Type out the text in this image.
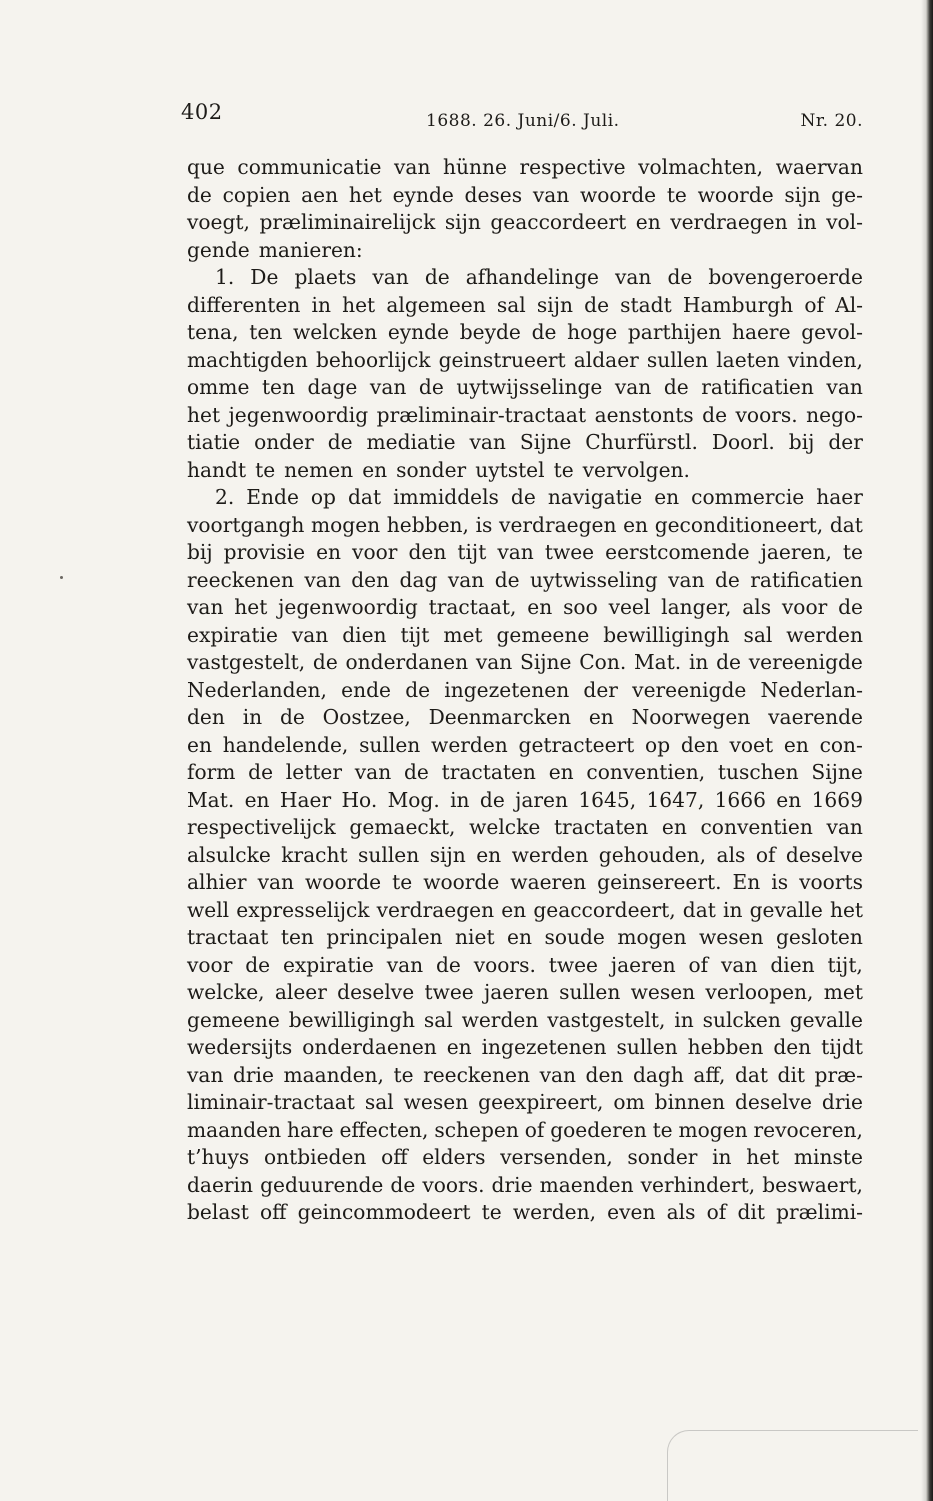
402	1688. 26. Juni/6. Juli.	Nr. 20.
que communicatie van hünne respective volmachten, waervan
de copien aen het eynde deses van woorde te woorde sijn ge-
voegt, præliminairelijck sijn geaccordeert en verdraegen in vol-
gende manieren:
1. De plaets van de afhandelinge van de bovengeroerde
differenten in het algemeen sal sijn de stadt Hamburgh of Al-
tena, ten welcken eynde beyde de hoge parthijen haere gevol-
machtigden behoorlijck geinstrueert aldaer sullen laeten vinden,
omme ten dage van de uytwijsselinge van de ratificatien van
het jegenwoordig præliminair-tractaat aenstonts de voors. nego-
tiatie onder de mediatie van Sijne Churfürstl. Doorl. bij der
handt te nemen en sonder uytstel te vervolgen.
2. Ende op dat immiddels de navigatie en commercie haer
voortgangh mogen hebben, is verdraegen en geconditioneert, dat
bij provisie en voor den tijt van twee eerstcomende jaeren, te
reeckenen van den dag van de uytwisseling van de ratificatien
van het jegenwoordig tractaat, en soo veel langer, als voor de
expiratie van dien tijt met gemeene bewilligingh sal werden
vastgestelt, de onderdanen van Sijne Con. Mat. in de vereenigde
Nederlanden, ende de ingezetenen der vereenigde Nederlan-
den in de Oostzee, Deenmarcken en Noorwegen vaerende
en handelende, sullen werden getracteert op den voet en con-
form de letter van de tractaten en conventien, tuschen Sijne
Mat. en Haer Ho. Mog. in de jaren 1645, 1647, 1666 en 1669
respectivelijck gemaeckt, welcke tractaten en conventien van
alsulcke kracht sullen sijn en werden gehouden, als of deselve
alhier van woorde te woorde waeren geinsereert. En is voorts
well expresselijck verdraegen en geaccordeert, dat in gevalle het
tractaat ten principalen niet en soude mogen wesen gesloten
voor de expiratie van de voors. twee jaeren of van dien tijt,
welcke, aleer deselve twee jaeren sullen wesen verloopen, met
gemeene bewilligingh sal werden vastgestelt, in sulcken gevalle
wedersijts onderdaenen en ingezetenen sullen hebben den tijdt
van drie maanden, te reeckenen van den dagh aff, dat dit præ-
liminair-tractaat sal wesen geexpireert, om binnen deselve drie
maanden hare effecten, schepen of goederen te mogen revoceren,
t’huys ontbieden off elders versenden, sonder in het minste
daerin geduurende de voors. drie maenden verhindert, beswaert,
belast off geincommodeert te werden, even als of dit prælimi-
